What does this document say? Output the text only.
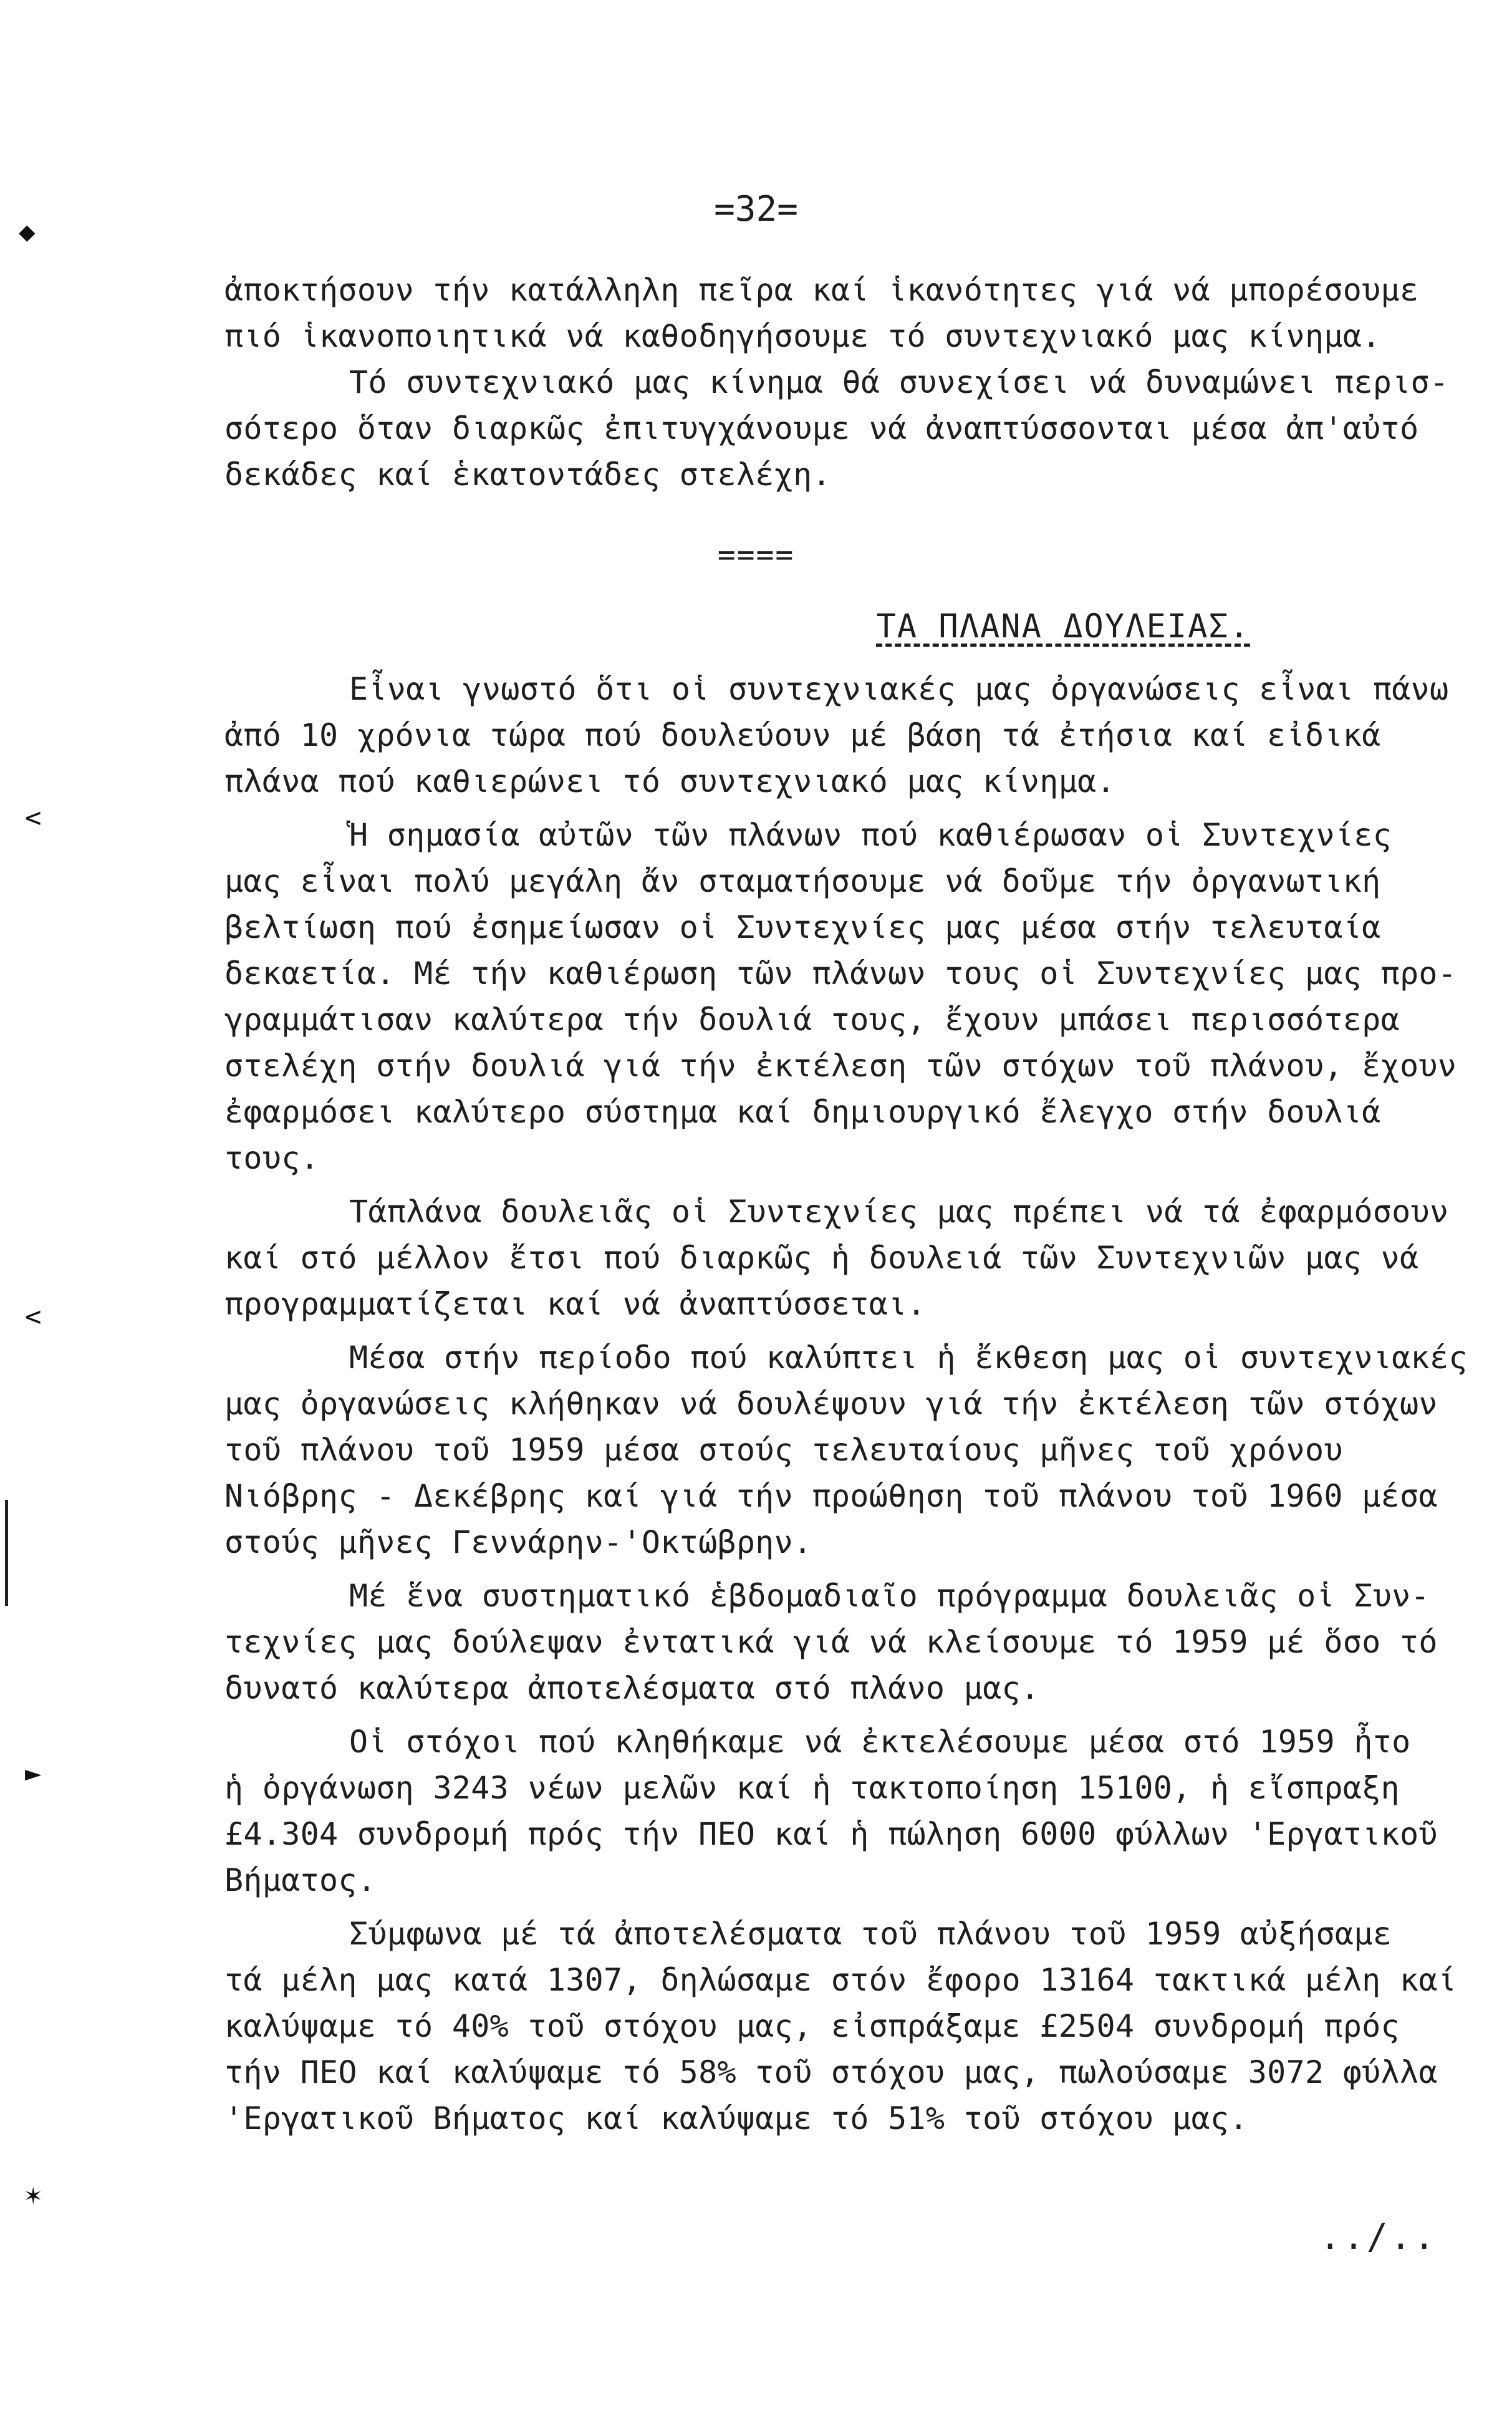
◆
<
<
►
✶
=32=
ἀποκτήσουν τήν κατάλληλη πεῖρα καί ἱκανότητες γιά νά μπορέσουμε
πιό ἱκανοποιητικά νά καθοδηγήσουμε τό συντεχνιακό μας κίνημα.
Τό συντεχνιακό μας κίνημα θά συνεχίσει νά δυναμώνει περισ-
σότερο ὅταν διαρκῶς ἐπιτυγχάνουμε νά ἀναπτύσσονται μέσα ἀπ'αὐτό
δεκάδες καί ἑκατοντάδες στελέχη.
====
ΤΑ ΠΛΑΝΑ ΔΟΥΛΕΙΑΣ.
Εἶναι γνωστό ὅτι οἱ συντεχνιακές μας ὀργανώσεις εἶναι πάνω
ἀπό 10 χρόνια τώρα πού δουλεύουν μέ βάση τά ἐτήσια καί εἰδικά
πλάνα πού καθιερώνει τό συντεχνιακό μας κίνημα.
Ἡ σημασία αὐτῶν τῶν πλάνων πού καθιέρωσαν οἱ Συντεχνίες
μας εἶναι πολύ μεγάλη ἄν σταματήσουμε νά δοῦμε τήν ὀργανωτική
βελτίωση πού ἐσημείωσαν οἱ Συντεχνίες μας μέσα στήν τελευταία
δεκαετία. Μέ τήν καθιέρωση τῶν πλάνων τους οἱ Συντεχνίες μας προ-
γραμμάτισαν καλύτερα τήν δουλιά τους, ἔχουν μπάσει περισσότερα
στελέχη στήν δουλιά γιά τήν ἐκτέλεση τῶν στόχων τοῦ πλάνου, ἔχουν
ἐφαρμόσει καλύτερο σύστημα καί δημιουργικό ἔλεγχο στήν δουλιά
τους.
Τάπλάνα δουλειᾶς οἱ Συντεχνίες μας πρέπει νά τά ἐφαρμόσουν
καί στό μέλλον ἔτσι πού διαρκῶς ἡ δουλειά τῶν Συντεχνιῶν μας νά
προγραμματίζεται καί νά ἀναπτύσσεται.
Μέσα στήν περίοδο πού καλύπτει ἡ ἔκθεση μας οἱ συντεχνιακές
μας ὀργανώσεις κλήθηκαν νά δουλέψουν γιά τήν ἐκτέλεση τῶν στόχων
τοῦ πλάνου τοῦ 1959 μέσα στούς τελευταίους μῆνες τοῦ χρόνου
Νιόβρης - Δεκέβρης καί γιά τήν προώθηση τοῦ πλάνου τοῦ 1960 μέσα
στούς μῆνες Γεννάρην-'Οκτώβρην.
Μέ ἕνα συστηματικό ἑβδομαδιαῖο πρόγραμμα δουλειᾶς οἱ Συν-
τεχνίες μας δούλεψαν ἐντατικά γιά νά κλείσουμε τό 1959 μέ ὅσο τό
δυνατό καλύτερα ἀποτελέσματα στό πλάνο μας.
Οἱ στόχοι πού κληθήκαμε νά ἐκτελέσουμε μέσα στό 1959 ἦτο
ἡ ὀργάνωση 3243 νέων μελῶν καί ἡ τακτοποίηση 15100, ἡ εἴσπραξη
£4.304 συνδρομή πρός τήν ΠΕΟ καί ἡ πώληση 6000 φύλλων 'Εργατικοῦ
Βήματος.
Σύμφωνα μέ τά ἀποτελέσματα τοῦ πλάνου τοῦ 1959 αὐξήσαμε
τά μέλη μας κατά 1307, δηλώσαμε στόν ἔφορο 13164 τακτικά μέλη καί
καλύψαμε τό 40% τοῦ στόχου μας, εἰσπράξαμε £2504 συνδρομή πρός
τήν ΠΕΟ καί καλύψαμε τό 58% τοῦ στόχου μας, πωλούσαμε 3072 φύλλα
'Εργατικοῦ Βήματος καί καλύψαμε τό 51% τοῦ στόχου μας.
../..
